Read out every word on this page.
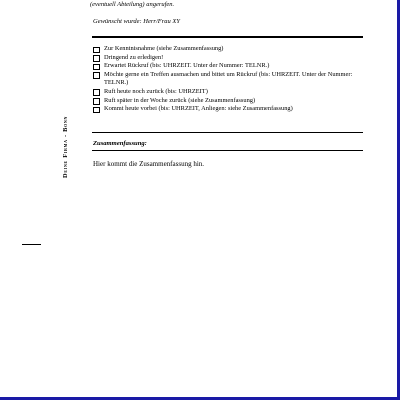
(eventuell Abteilung) angerufen.
Gewünscht wurde: Herr/Frau XY
Zur Kenntnisnahme (siehe Zusammenfassung)
Dringend zu erledigen!
Erwartet Rückruf (bis: UHRZEIT. Unter der Nummer: TELNR.)
Möchte gerne ein Treffen ausmachen und bittet um Rückruf (bis: UHRZEIT. Unter der Nummer: TELNR.)
Ruft heute noch zurück (bis: UHRZEIT)
Ruft später in der Woche zurück (siehe Zusammenfassung)
Kommt heute vorbei (bis: UHRZEIT, Anliegen: siehe Zusammenfassung)
Zusammenfassung:
Hier kommt die Zusammenfassung hin.
Deine Firma - Bonn
